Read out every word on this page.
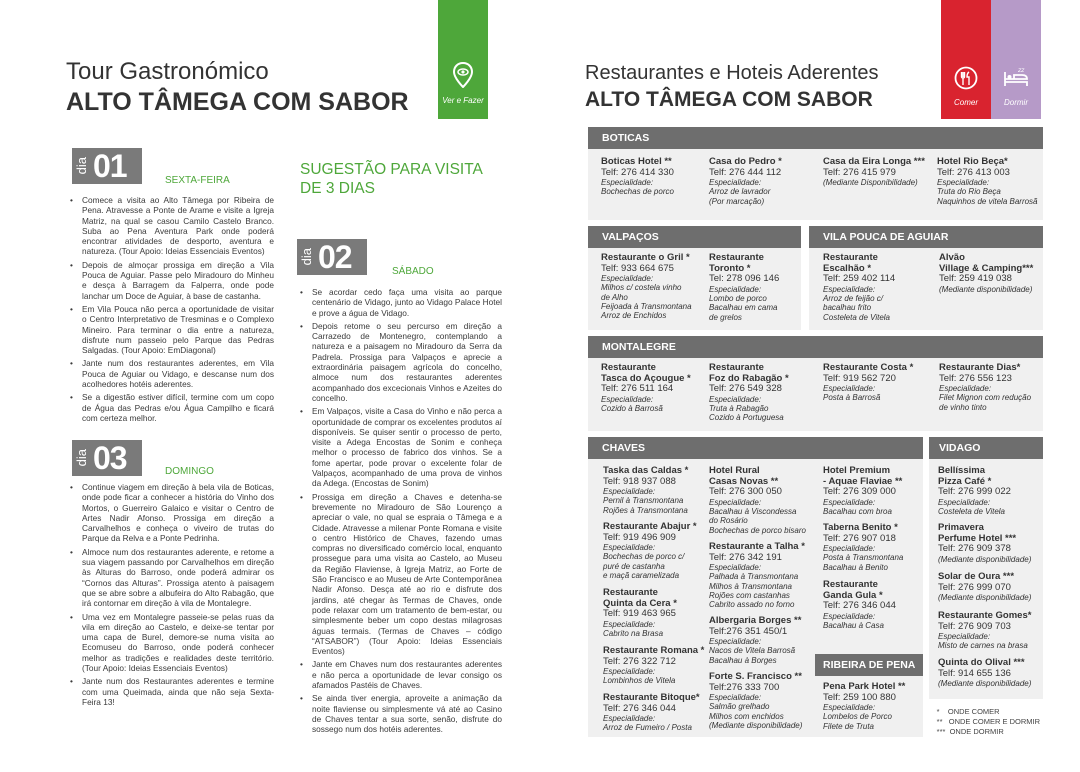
Tour Gastronómico
ALTO TÂMEGA COM SABOR	Ver e Fazer
dia 01	SEXTA-FEIRA
• Comece a visita ao Alto Tâmega por Ribeira de Pena. Atravesse a Ponte de Arame e visite a Igreja Matriz, na qual se casou Camilo Castelo Branco. Suba ao Pena Aventura Park onde poderá encontrar atividades de desporto, aventura e natureza. (Tour Apoio: Ideias Essenciais Eventos)
• Depois de almoçar prossiga em direção a Vila Pouca de Aguiar. Passe pelo Miradouro do Minheu e desça à Barragem da Falperra, onde pode lanchar um Doce de Aguiar, à base de castanha.
• Em Vila Pouca não perca a oportunidade de visitar o Centro Interpretativo de Tresminas e o Complexo Mineiro. Para terminar o dia entre a natureza, disfrute num passeio pelo Parque das Pedras Salgadas. (Tour Apoio: EmDiagonal)
• Jante num dos restaurantes aderentes, em Vila Pouca de Aguiar ou Vidago, e descanse num dos acolhedores hotéis aderentes.
• Se a digestão estiver difícil, termine com um copo de Água das Pedras e/ou Água Campilho e ficará com certeza melhor.
SUGESTÃO PARA VISITA DE 3 DIAS
dia 02	SÁBADO
• Se acordar cedo faça uma visita ao parque centenário de Vidago, junto ao Vidago Palace Hotel e prove a água de Vidago.
• Depois retome o seu percurso em direção a Carrazedo de Montenegro, contemplando a natureza e a paisagem no Miradouro da Serra da Padrela. Prossiga para Valpaços e aprecie a extraordinária paisagem agrícola do concelho, almoce num dos restaurantes aderentes acompanhado dos excecionais Vinhos e Azeites do concelho.
• Em Valpaços, visite a Casa do Vinho e não perca a oportunidade de comprar os excelentes produtos aí disponíveis. Se quiser sentir o processo de perto, visite a Adega Encostas de Sonim e conheça melhor o processo de fabrico dos vinhos. Se a fome apertar, pode provar o excelente folar de Valpaços, acompanhado de uma prova de vinhos da Adega. (Encostas de Sonim)
• Prossiga em direção a Chaves e detenha-se brevemente no Miradouro de São Lourenço a apreciar o vale, no qual se espraia o Tâmega e a Cidade. Atravesse a milenar Ponte Romana e visite o centro Histórico de Chaves, fazendo umas compras no diversificado comércio local, enquanto prossegue para uma visita ao Castelo, ao Museu da Região Flaviense, à Igreja Matriz, ao Forte de São Francisco e ao Museu de Arte Contemporânea Nadir Afonso. Desça até ao rio e disfrute dos jardins, até chegar às Termas de Chaves, onde pode relaxar com um tratamento de bem-estar, ou simplesmente beber um copo destas milagrosas águas termais. (Termas de Chaves – código “ATSABOR”) (Tour Apoio: Ideias Essenciais Eventos)
• Jante em Chaves num dos restaurantes aderentes e não perca a oportunidade de levar consigo os afamados Pastéis de Chaves.
• Se ainda tiver energia, aproveite a animação da noite flaviense ou simplesmente vá até ao Casino de Chaves tentar a sua sorte, senão, disfrute do sossego num dos hotéis aderentes.
dia 03	DOMINGO
• Continue viagem em direção à bela vila de Boticas, onde pode ficar a conhecer a história do Vinho dos Mortos, o Guerreiro Galaico e visitar o Centro de Artes Nadir Afonso. Prossiga em direção a Carvalhelhos e conheça o viveiro de trutas do Parque da Relva e a Ponte Pedrinha.
• Almoce num dos restaurantes aderente, e retome a sua viagem passando por Carvalhelhos em direção às Alturas do Barroso, onde poderá admirar os “Cornos das Alturas”. Prossiga atento à paisagem que se abre sobre a albufeira do Alto Rabagão, que irá contornar em direção à vila de Montalegre.
• Uma vez em Montalegre passeie-se pelas ruas da vila em direção ao Castelo, e deixe-se tentar por uma capa de Burel, demore-se numa visita ao Ecomuseu do Barroso, onde poderá conhecer melhor as tradições e realidades deste território. (Tour Apoio: Ideias Essenciais Eventos)
• Jante num dos Restaurantes aderentes e termine com uma Queimada, ainda que não seja Sexta-Feira 13!
Restaurantes e Hoteis Aderentes
ALTO TÂMEGA COM SABOR	Comer
zz
Dormir
BOTICAS
VALPAÇOS	VILA POUCA DE AGUIAR
MONTALEGRE
CHAVES
RIBEIRA DE PENA
VIDAGO
Boticas Hotel **
Telf: 276 414 330
Especialidade:
Bochechas de porco
Casa do Pedro *
Telf: 276 444 112
Especialidade:
Arroz de lavrador
(Por marcação)
Casa da Eira Longa ***
Telf: 276 415 979
(Mediante Disponibilidade)
Hotel Rio Beça*
Telf: 276 413 003
Especialidade:
Truta do Rio Beça
Naquinhos de vitela Barrosã
Restaurante o Gril *
Telf: 933 664 675
Especialidade:
Milhos c/ costela vinho
de Alho
Feijoada à Transmontana
Arroz de Enchidos
Restaurante
Toronto *
Tel: 278 096 146
Especialidade:
Lombo de porco
Bacalhau em cama
de grelos
Restaurante
Escalhão *
Telf: 259 402 114
Especialidade:
Arroz de feijão c/
bacalhau frito
Costeleta de Vitela
Alvão
Village & Camping***
Telf: 259 419 038
(Mediante disponibilidade)
Restaurante
Tasca do Açougue *
Telf: 276 511 164
Especialidade:
Cozido à Barrosã
Restaurante
Foz do Rabagão *
Telf: 276 549 328
Especialidade:
Truta à Rabagão
Cozido à Portuguesa
Restaurante Costa *
Telf: 919 562 720
Especialidade:
Posta à Barrosã
Restaurante Dias*
Telf: 276 556 123
Especialidade:
Filet Mignon com redução
de vinho tinto
Taska das Caldas *
Telf: 918 937 088
Especialidade:
Pernil à Transmontana
Rojões à Transmontana
Restaurante Abajur *
Telf: 919 496 909
Especialidade:
Bochechas de porco c/
puré de castanha
e maçã caramelizada
Restaurante
Quinta da Cera *
Telf: 919 463 965
Especialidade:
Cabrito na Brasa
Restaurante Romana *
Telf: 276 322 712
Especialidade:
Lombinhos de Vitela
Restaurante Bitoque*
Telf: 276 346 044
Especialidade:
Arroz de Fumeiro / Posta
Hotel Rural
Casas Novas **
Telf: 276 300 050
Especialidade:
Bacalhau à Viscondessa
do Rosário
Bochechas de porco bisaro
Restaurante a Talha *
Telf: 276 342 191
Especialidade:
Palhada à Transmontana
Milhos à Transmontana
Rojões com castanhas
Cabrito assado no forno
Albergaria Borges **
Telf:276 351 450/1
Especialidade:
Nacos de Vitela Barrosã
Bacalhau à Borges
Forte S. Francisco **
Telf:276 333 700
Especialidade:
Salmão grelhado
Milhos com enchidos
(Mediante disponibilidade)
Hotel Premium
- Aquae Flaviae **
Telf: 276 309 000
Especialidade:
Bacalhau com broa
Taberna Benito *
Telf: 276 907 018
Especialidade:
Posta à Transmontana
Bacalhau à Benito
Restaurante
Ganda Gula *
Telf: 276 346 044
Especialidade:
Bacalhau à Casa
Pena Park Hotel **
Telf: 259 100 880
Especialidade:
Lombelos de Porco
Filete de Truta
Bellíssima
Pizza Café *
Telf: 276 999 022
Especialidade:
Costeleta de Vitela
Primavera
Perfume Hotel ***
Telf: 276 909 378
(Mediante disponibilidade)
Solar de Oura ***
Telf: 276 999 070
(Mediante disponibilidade)
Restaurante Gomes*
Telf: 276 909 703
Especialidade:
Misto de carnes na brasa
Quinta do Olival ***
Telf: 914 655 136
(Mediante disponibilidade)
*    ONDE COMER
**   ONDE COMER E DORMIR
***  ONDE DORMIR
